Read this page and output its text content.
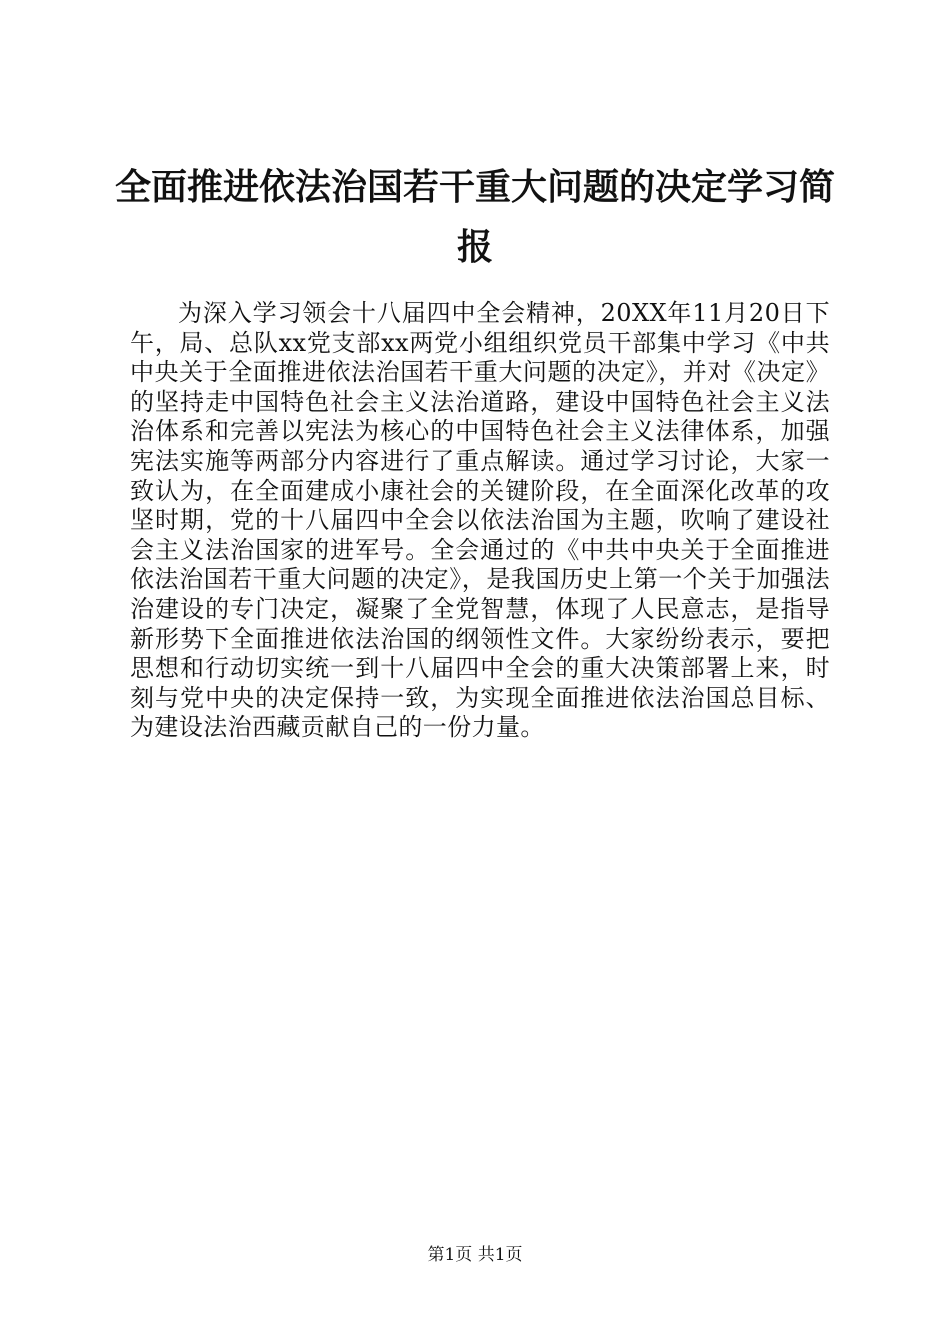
全面推进依法治国若干重大问题的决定学习简报

为深入学习领会十八届四中全会精神，20XX年11月20日下午，局、总队xx党支部xx两党小组组织党员干部集中学习《中共中央关于全面推进依法治国若干重大问题的决定》，并对《决定》的坚持走中国特色社会主义法治道路，建设中国特色社会主义法治体系和完善以宪法为核心的中国特色社会主义法律体系，加强宪法实施等两部分内容进行了重点解读。通过学习讨论，大家一致认为，在全面建成小康社会的关键阶段，在全面深化改革的攻坚时期，党的十八届四中全会以依法治国为主题，吹响了建设社会主义法治国家的进军号。全会通过的《中共中央关于全面推进依法治国若干重大问题的决定》，是我国历史上第一个关于加强法治建设的专门决定，凝聚了全党智慧，体现了人民意志，是指导新形势下全面推进依法治国的纲领性文件。大家纷纷表示，要把思想和行动切实统一到十八届四中全会的重大决策部署上来，时刻与党中央的决定保持一致，为实现全面推进依法治国总目标、为建设法治西藏贡献自己的一份力量。

第1页 共1页
